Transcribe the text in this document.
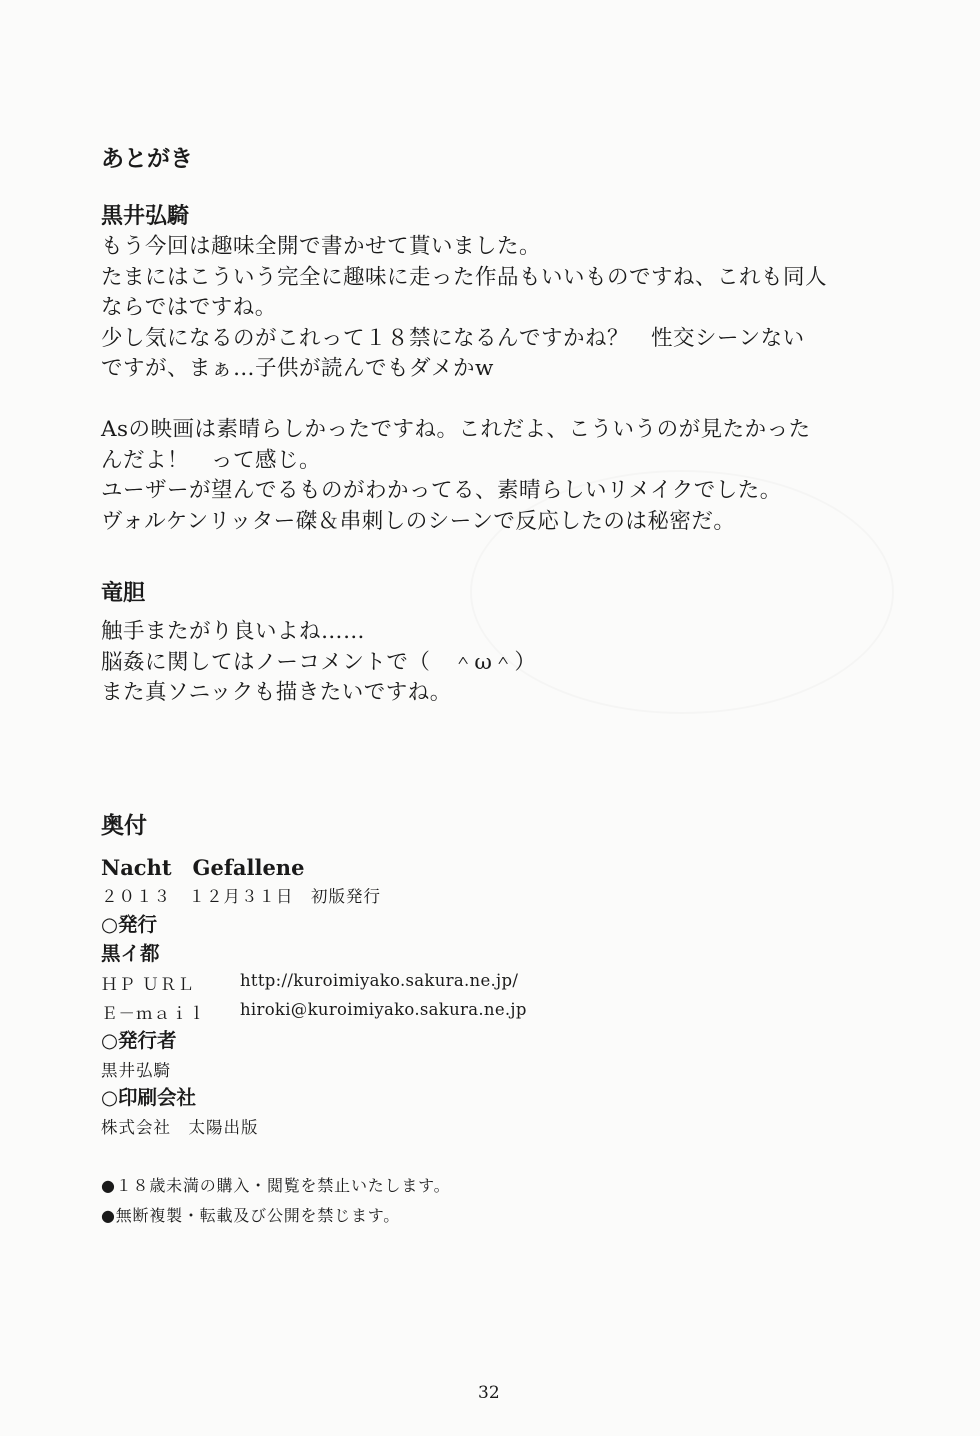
あとがき
黒井弘騎
もう今回は趣味全開で書かせて貰いました。
たまにはこういう完全に趣味に走った作品もいいものですね、これも同人
ならではですね。
少し気になるのがこれって１８禁になるんですかね？　性交シーンない
ですが、まぁ…子供が読んでもダメかw
Asの映画は素晴らしかったですね。これだよ、こういうのが見たかった
んだよ！　って感じ。
ユーザーが望んでるものがわかってる、素晴らしいリメイクでした。
ヴォルケンリッター磔＆串刺しのシーンで反応したのは秘密だ。
竜胆
触手またがり良いよね……
脳姦に関してはノーコメントで（　＾ω＾）
また真ソニックも描きたいですね。
奥付
Nacht　Gefallene
２０１３　１２月３１日　初版発行
○発行
黒イ都
ＨＰ ＵＲＬ	http://kuroimiyako.sakura.ne.jp/
Ｅ－ｍａｉｌ hiroki@kuroimiyako.sakura.ne.jp
○発行者
黒井弘騎
○印刷会社
株式会社　太陽出版
●１８歳未満の購入・閲覧を禁止いたします。
●無断複製・転載及び公開を禁じます。
32
